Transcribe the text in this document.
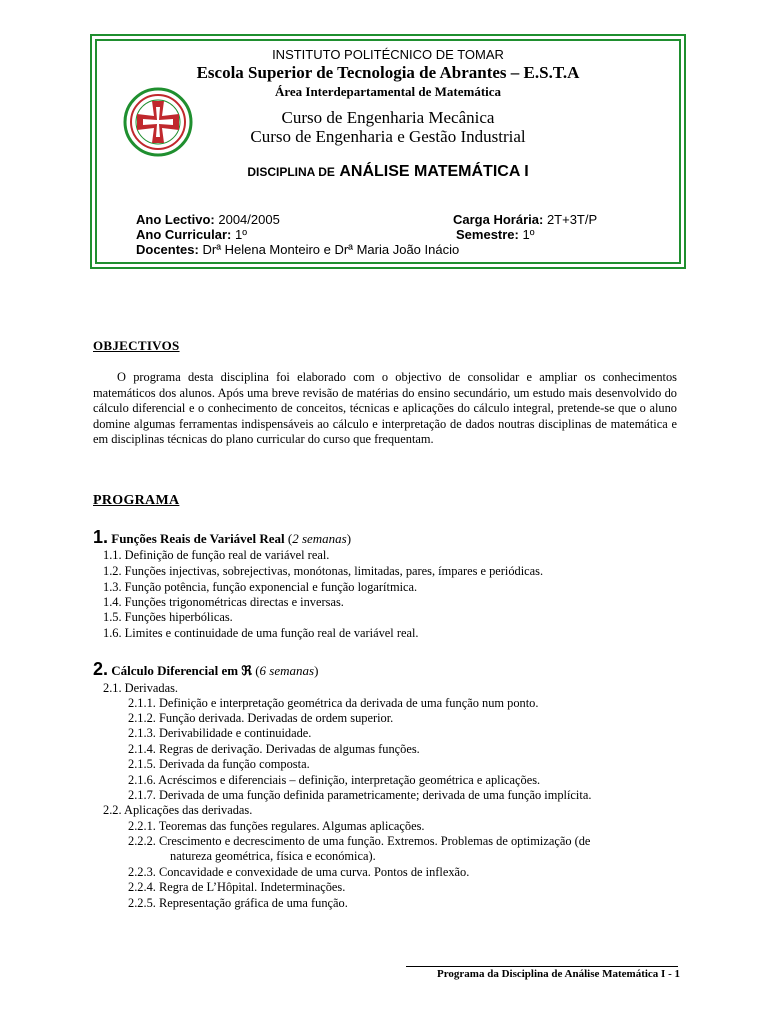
INSTITUTO POLITÉCNICO DE TOMAR
Escola Superior de Tecnologia de Abrantes – E.S.T.A
Área Interdepartamental de Matemática
Curso de Engenharia Mecânica
Curso de Engenharia e Gestão Industrial
DISCIPLINA DE ANÁLISE MATEMÁTICA I
Ano Lectivo: 2004/2005	Carga Horária: 2T+3T/P
Ano Curricular: 1º	Semestre: 1º
Docentes: Drª Helena Monteiro e Drª Maria João Inácio
OBJECTIVOS

O programa desta disciplina foi elaborado com o objectivo de consolidar e ampliar os conhecimentos matemáticos dos alunos. Após uma breve revisão de matérias do ensino secundário, um estudo mais desenvolvido do cálculo diferencial e o conhecimento de conceitos, técnicas e aplicações do cálculo integral, pretende-se que o aluno domine algumas ferramentas indispensáveis ao cálculo e interpretação de dados noutras disciplinas de matemática e em disciplinas técnicas do plano curricular do curso que frequentam.

PROGRAMA
1. Funções Reais de Variável Real (2 semanas)
1.1. Definição de função real de variável real.
1.2. Funções injectivas, sobrejectivas, monótonas, limitadas, pares, ímpares e periódicas.
1.3. Função potência, função exponencial e função logarítmica.
1.4. Funções trigonométricas directas e inversas.
1.5. Funções hiperbólicas.
1.6. Limites e continuidade de uma função real de variável real.
2. Cálculo Diferencial em ℜ (6 semanas)
2.1. Derivadas.
2.1.1. Definição e interpretação geométrica da derivada de uma função num ponto.
2.1.2. Função derivada. Derivadas de ordem superior.
2.1.3. Derivabilidade e continuidade.
2.1.4. Regras de derivação. Derivadas de algumas funções.
2.1.5. Derivada da função composta.
2.1.6. Acréscimos e diferenciais – definição, interpretação geométrica e aplicações.
2.1.7. Derivada de uma função definida parametricamente; derivada de uma função implícita.
2.2. Aplicações das derivadas.
2.2.1. Teoremas das funções regulares. Algumas aplicações.
2.2.2. Crescimento e decrescimento de uma função. Extremos. Problemas de optimização (de
natureza geométrica, física e económica).
2.2.3. Concavidade e convexidade de uma curva. Pontos de inflexão.
2.2.4. Regra de L’Hôpital. Indeterminações.
2.2.5. Representação gráfica de uma função.
Programa da Disciplina de Análise Matemática I - 1
